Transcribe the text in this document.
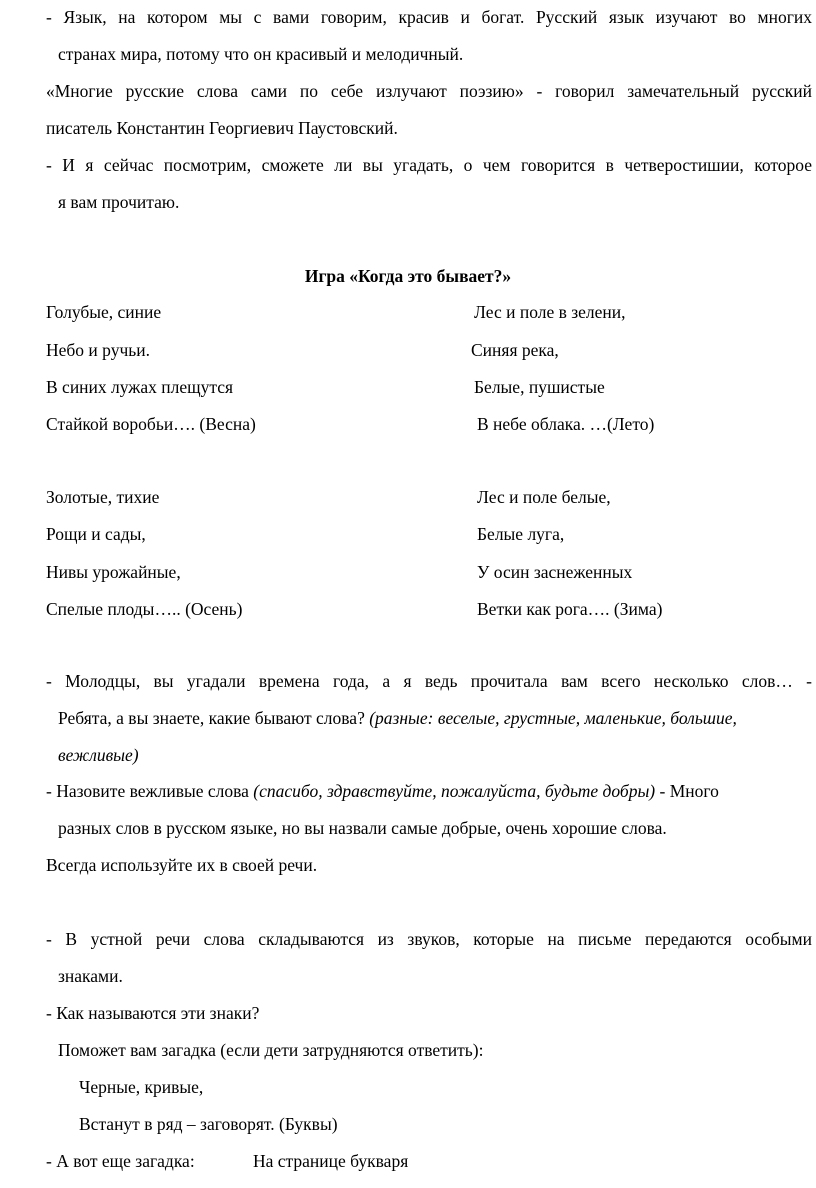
- Язык, на котором мы с вами говорим, красив и богат. Русский язык изучают во многих
странах мира, потому что он красивый и мелодичный.
«Многие русские слова сами по себе излучают поэзию» - говорил замечательный русский
писатель Константин Георгиевич Паустовский.
- И я сейчас посмотрим, сможете ли вы угадать, о чем говорится в четверостишии, которое
я вам прочитаю.
Игра «Когда это бывает?»
Голубые, синие
Небо и ручьи.
В синих лужах плещутся
Стайкой воробьи…. (Весна)
Лес и поле в зелени,
Синяя река,
Белые, пушистые
В небе облака. …(Лето)
Золотые, тихие
Рощи и сады,
Нивы урожайные,
Спелые плоды….. (Осень)
Лес и поле белые,
Белые луга,
У осин заснеженных
Ветки как рога…. (Зима)
- Молодцы, вы угадали времена года, а я ведь прочитала вам всего несколько слов… -
Ребята, а вы знаете, какие бывают слова? (разные: веселые, грустные, маленькие, большие,
вежливые)
- Назовите вежливые слова (спасибо, здравствуйте, пожалуйста, будьте добры) - Много
разных слов в русском языке, но вы назвали самые добрые, очень хорошие слова.
Всегда используйте их в своей речи.
- В устной речи слова складываются из звуков, которые на письме передаются особыми
знаками.
- Как называются эти знаки?
Поможет вам загадка (если дети затрудняются ответить):
Черные, кривые,
Встанут в ряд – заговорят. (Буквы)
- А вот еще загадка:	На странице букваря
